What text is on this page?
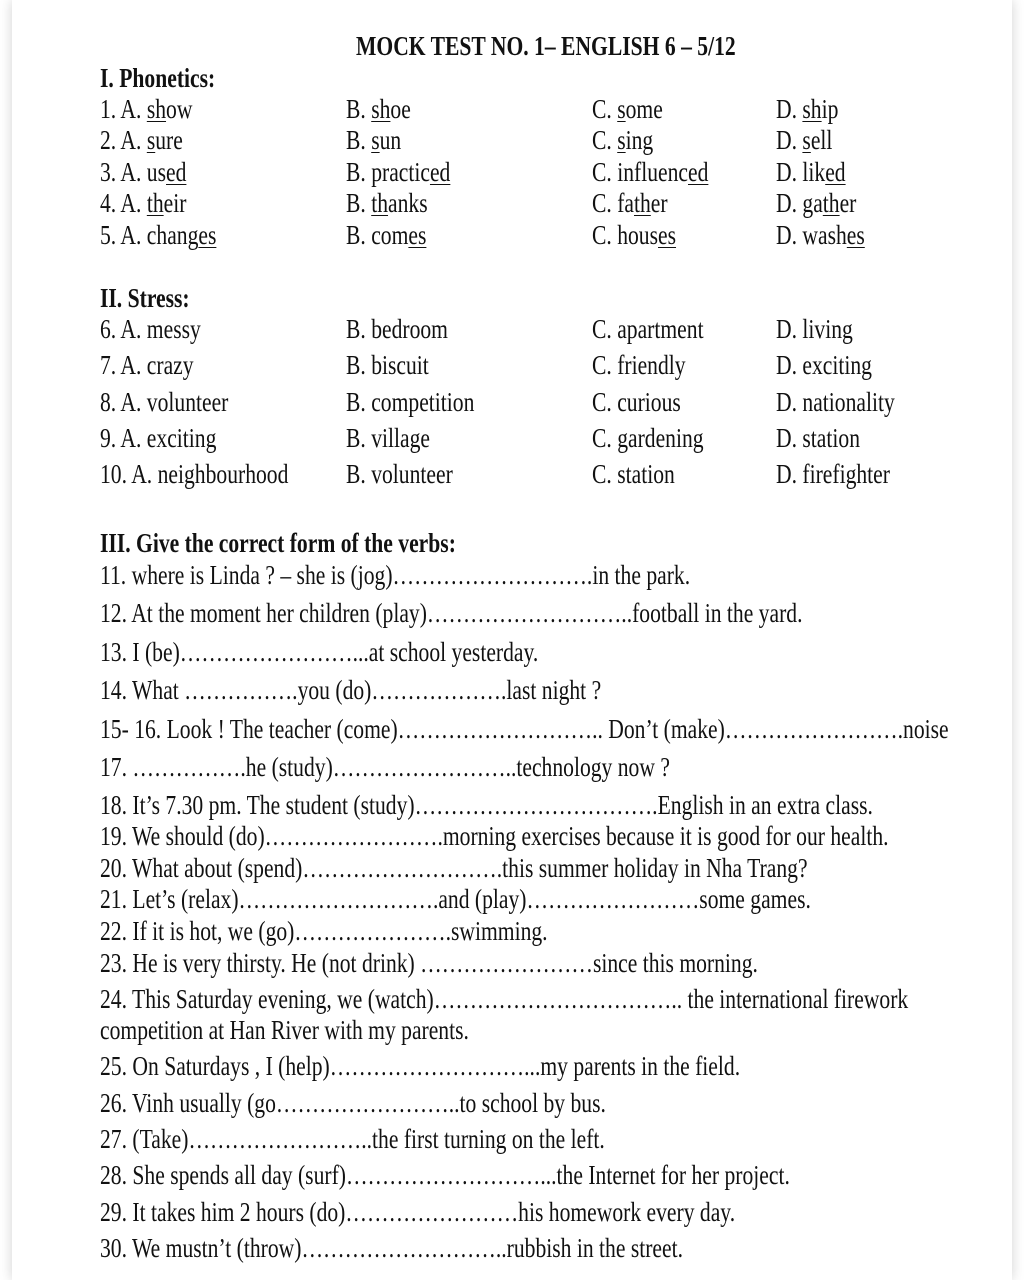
MOCK TEST NO. 1– ENGLISH 6 – 5/12
I. Phonetics:
1. A. show	B. shoe	C. some	D. ship
2. A. sure	B. sun	C. sing	D. sell
3. A. used	B. practiced	C. influenced	D. liked
4. A. their	B. thanks	C. father	D. gather
5. A. changes	B. comes	C. houses	D. washes
II. Stress:
6. A. messy	B. bedroom	C. apartment	D. living
7. A. crazy	B. biscuit	C. friendly	D. exciting
8. A. volunteer	B. competition	C. curious	D. nationality
9. A. exciting	B. village	C. gardening	D. station
10. A. neighbourhood B. volunteer	C. station	D. firefighter
III. Give the correct form of the verbs:
11. where is Linda ? – she is (jog)……………………….in the park.
12. At the moment her children (play)………………………..football in the yard.
13. I (be)……………………...at school yesterday.
14. What …………….you (do)……………….last night ?
15- 16. Look ! The teacher (come)……………………….. Don’t (make)…………………….noise
17. …………….he (study)……………………..technology now ?
18. It’s 7.30 pm. The student (study)…………………………….English in an extra class.
19. We should (do)…………………….morning exercises because it is good for our health.
20. What about (spend)……………………….this summer holiday in Nha Trang?
21. Let’s (relax)……………………….and (play)……………………some games.
22. If it is hot, we (go)………………….swimming.
23. He is very thirsty. He (not drink) ……………………since this morning.
24. This Saturday evening, we (watch)…………………………….. the international firework
competition at Han River with my parents.
25. On Saturdays , I (help)………………………...my parents in the field.
26. Vinh usually (go……………………..to school by bus.
27. (Take)……………………..the first turning on the left.
28. She spends all day (surf)………………………...the Internet for her project.
29. It takes him 2 hours (do)……………………his homework every day.
30. We mustn’t (throw)………………………..rubbish in the street.
